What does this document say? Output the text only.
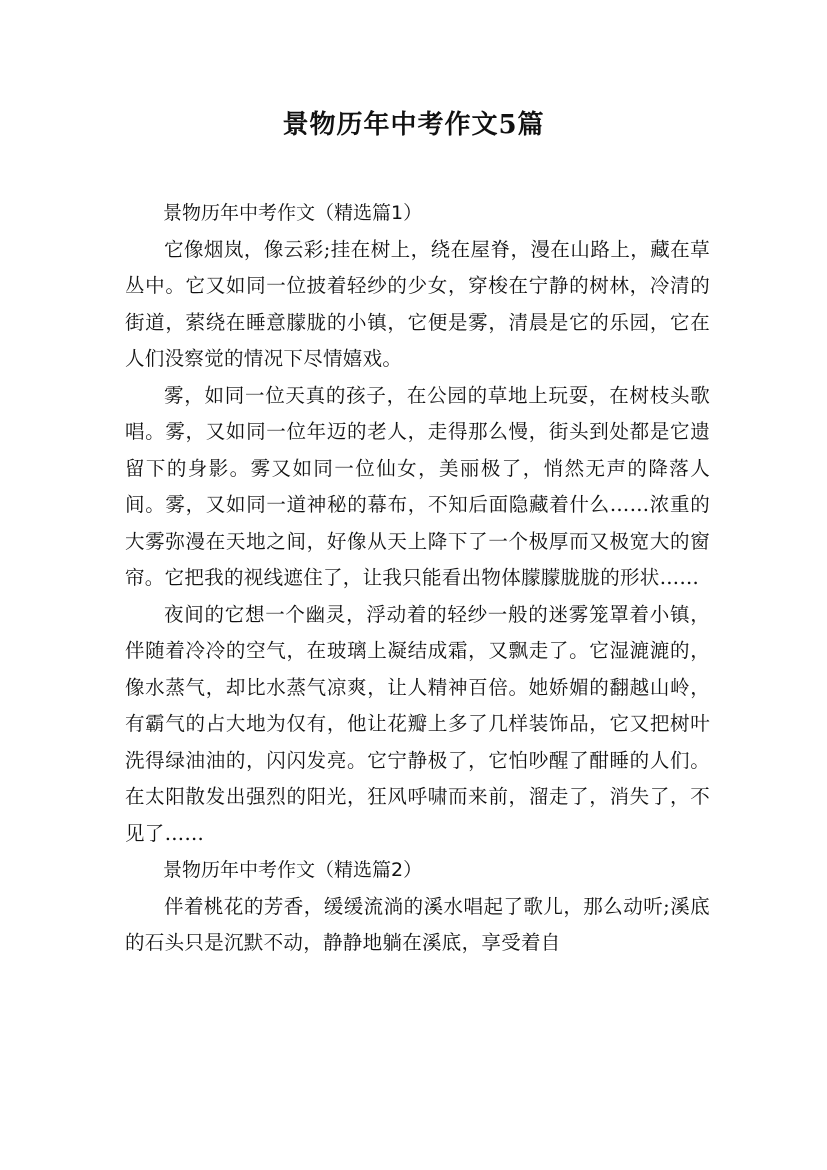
景物历年中考作文5篇

景物历年中考作文（精选篇1）

它像烟岚，像云彩;挂在树上，绕在屋脊，漫在山路上，藏在草丛中。它又如同一位披着轻纱的少女，穿梭在宁静的树林，冷清的街道，萦绕在睡意朦胧的小镇，它便是雾，清晨是它的乐园，它在人们没察觉的情况下尽情嬉戏。

雾，如同一位天真的孩子，在公园的草地上玩耍，在树枝头歌唱。雾，又如同一位年迈的老人，走得那么慢，街头到处都是它遗留下的身影。雾又如同一位仙女，美丽极了，悄然无声的降落人间。雾，又如同一道神秘的幕布，不知后面隐藏着什么……浓重的大雾弥漫在天地之间，好像从天上降下了一个极厚而又极宽大的窗帘。它把我的视线遮住了，让我只能看出物体朦朦胧胧的形状……

夜间的它想一个幽灵，浮动着的轻纱一般的迷雾笼罩着小镇，伴随着冷冷的空气，在玻璃上凝结成霜，又飘走了。它湿漉漉的，像水蒸气，却比水蒸气凉爽，让人精神百倍。她娇媚的翻越山岭，有霸气的占大地为仅有，他让花瓣上多了几样装饰品，它又把树叶洗得绿油油的，闪闪发亮。它宁静极了，它怕吵醒了酣睡的人们。在太阳散发出强烈的阳光，狂风呼啸而来前，溜走了，消失了，不见了……

景物历年中考作文（精选篇2）

伴着桃花的芳香，缓缓流淌的溪水唱起了歌儿，那么动听;溪底的石头只是沉默不动，静静地躺在溪底，享受着自
